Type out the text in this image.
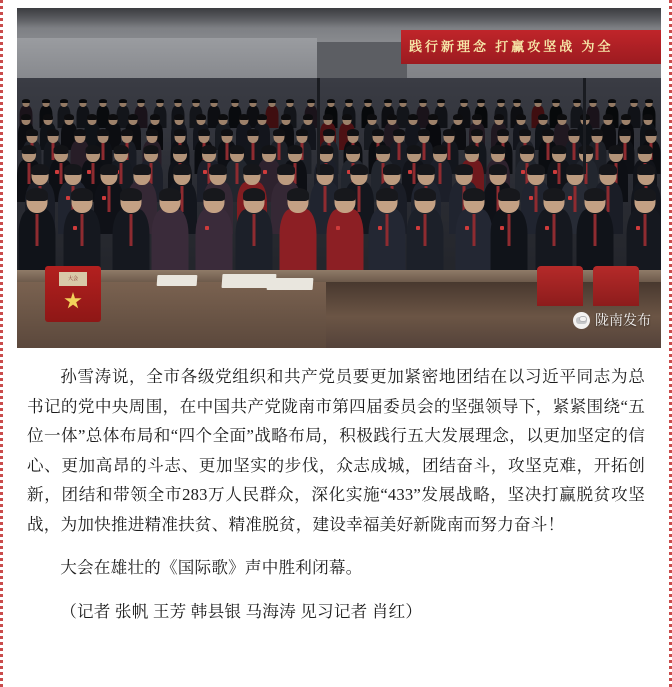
践行新理念 打赢攻坚战 为全
大会
陇南发布

孙雪涛说，全市各级党组织和共产党员要更加紧密地团结在以习近平同志为总书记的党中央周围，在中国共产党陇南市第四届委员会的坚强领导下，紧紧围绕“五位一体”总体布局和“四个全面”战略布局，积极践行五大发展理念，以更加坚定的信心、更加高昂的斗志、更加坚实的步伐，众志成城，团结奋斗，攻坚克难，开拓创新，团结和带领全市283万人民群众，深化实施“433”发展战略，坚决打赢脱贫攻坚战，为加快推进精准扶贫、精准脱贫，建设幸福美好新陇南而努力奋斗！

大会在雄壮的《国际歌》声中胜利闭幕。

（记者 张帆 王芳 韩县银 马海涛 见习记者 肖红）
